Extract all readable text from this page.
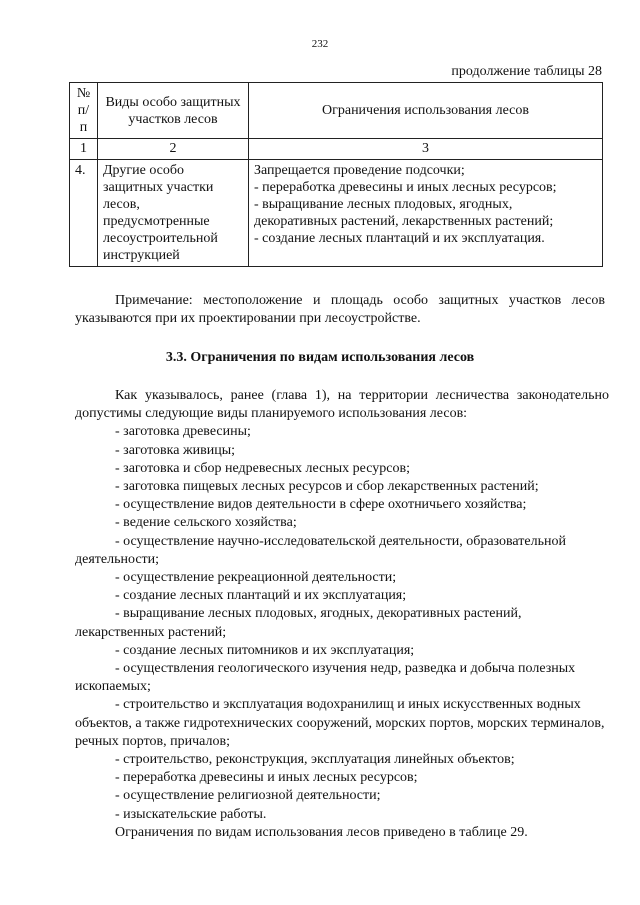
232
продолжение таблицы 28
№ п/п	Виды особо защитных участков лесов	Ограничения использования лесов
1	2	3
4.	Другие особо защитных участки лесов, предусмотренные лесоустроительной инструкцией	Запрещается проведение подсочки;
- переработка древесины и иных лесных ресурсов;
- выращивание лесных плодовых, ягодных, декоративных растений, лекарственных растений;
- создание лесных плантаций и их эксплуатация.
Примечание: местоположение и площадь особо защитных участков лесов указываются при их проектировании при лесоустройстве.
3.3. Ограничения по видам использования лесов

Как указывалось, ранее (глава 1), на территории лесничества законодательно допустимы следующие виды планируемого использования лесов:

- заготовка древесины;
- заготовка живицы;
- заготовка и сбор недревесных лесных ресурсов;
- заготовка пищевых лесных ресурсов и сбор лекарственных растений;
- осуществление видов деятельности в сфере охотничьего хозяйства;
- ведение сельского хозяйства;
- осуществление научно-исследовательской деятельности, образовательной деятельности;
- осуществление рекреационной деятельности;
- создание лесных плантаций и их эксплуатация;
- выращивание лесных плодовых, ягодных, декоративных растений, лекарственных растений;
- создание лесных питомников и их эксплуатация;
- осуществления геологического изучения недр, разведка и добыча полезных ископаемых;
- строительство и эксплуатация водохранилищ и иных искусственных водных объектов, а также гидротехнических сооружений, морских портов, морских терминалов, речных портов, причалов;
- строительство, реконструкция, эксплуатация линейных объектов;
- переработка древесины и иных лесных ресурсов;
- осуществление религиозной деятельности;
- изыскательские работы.

Ограничения по видам использования лесов приведено в таблице 29.
